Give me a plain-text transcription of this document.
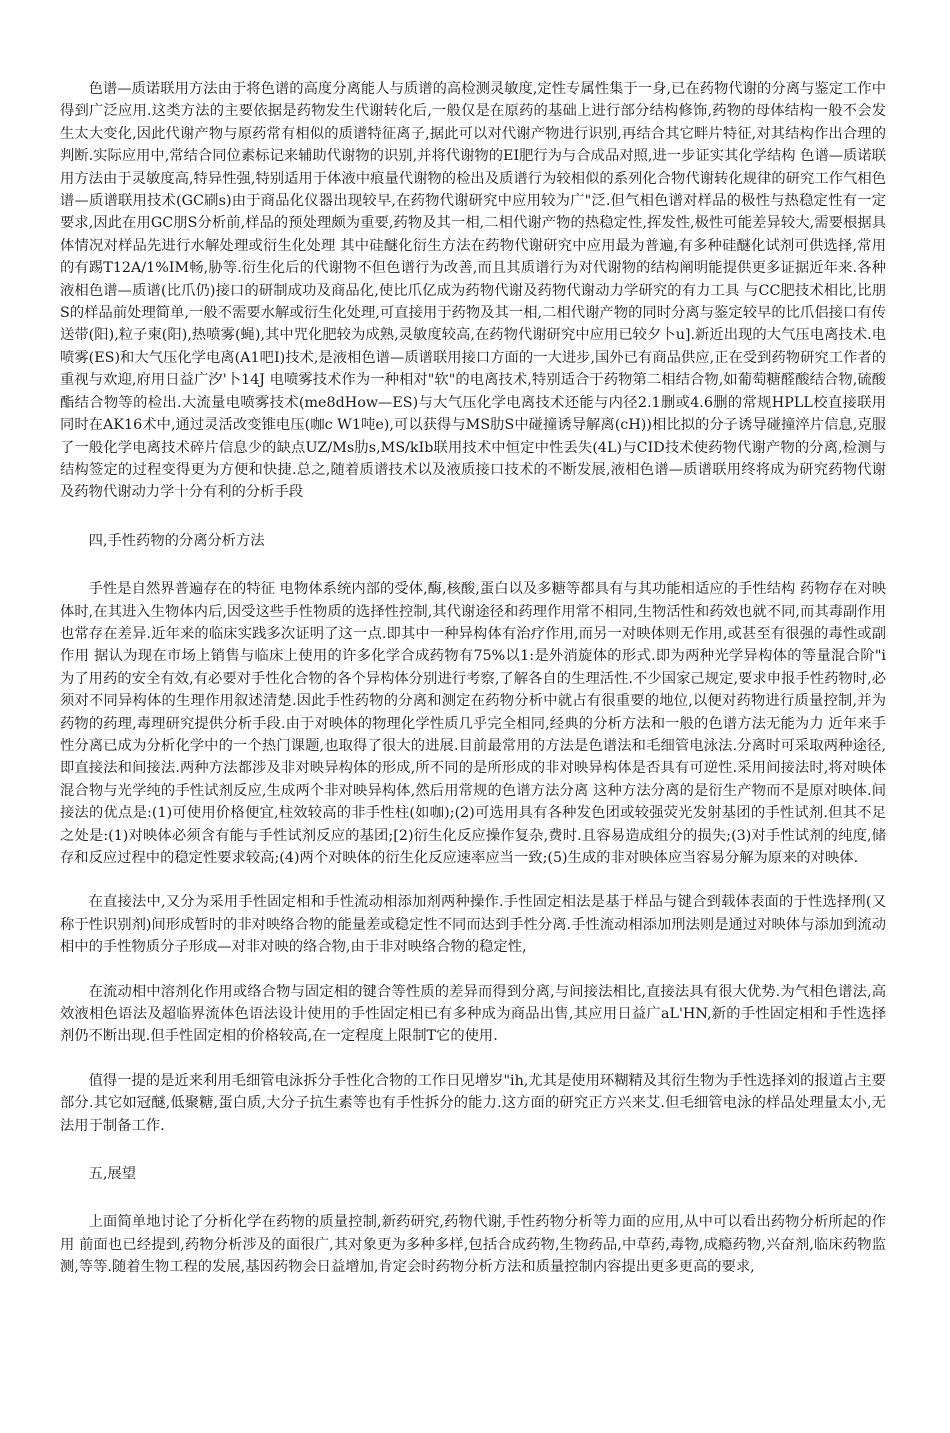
色谱—质诺联用方法由于将色谱的高度分离能人与质谱的高检测灵敏度,定性专属性集于一身,已在药物代谢的分离与鉴定工作中得到广泛应用.这类方法的主要依据是药物发生代谢转化后,一般仅是在原药的基础上进行部分结构修饰,药物的母体结构一般不会发生太大变化,因此代谢产物与原药常有相似的质谱特征离子,据此可以对代谢产物进行识别,再结合其它畔片特征,对其结构作出合理的判断.实际应用中,常结合同位素标记来辅助代谢物的识别,并将代谢物的EI肥行为与合成品对照,进一步证实其化学结构 色谱—质诺联用方法由于灵敏度高,特异性强,特别适用于体液中痕量代谢物的检出及质谱行为较相似的系列化合物代谢转化规律的研究工作气相色谱—质谱联用技术(GC刷s)由于商品化仪器出现较早,在药物代谢研究中应用较为广"泛.但气相色谱对样品的极性与热稳定性有一定要求,因此在用GC朋S分析前,样品的预处理颇为重要,药物及其一相,二相代谢产物的热稳定性,挥发性,极性可能差异较大,需要根据具体情况对样品先进行水解处理或衍生化处理 其中硅醚化衍生方法在药物代谢研究中应用最为普遍,有多种硅醚化试剂可供选择,常用的有踢T12A/1%IM畅,胁等.衍生化后的代谢物不但色谱行为改善,而且其质谱行为对代谢物的结构阐明能提供更多证据近年来.各种液相色谱—质谱(比爪仍)接口的研制成功及商品化,使比爪亿成为药物代谢及药物代谢动力学研究的有力工具 与CC肥技术相比,比朋S的样品前处理简单,一般不需要水解或衍生化处理,可直接用于药物及其一相,二相代谢产物的同时分离与鉴定较早的比爪侣接口有传送带(阳),粒子柬(阳),热喷雾(蝇),其中咒化肥较为成熟,灵敏度较高,在药物代谢研究中应用已较夕卜u].新近出现的大气压电离技术.电喷雾(ES)和大气压化学电离(A1吧I)技术,是液相色谱—质谱联用接口方面的一大进步,国外已有商品供应,正在受到药物研究工作者的重视与欢迎,府用日益广汐'卜14J 电喷雾技术作为一种相对"软"的电离技术,特别适合于药物第二相结合物,如葡萄糖醛酸结合物,硫酸酯结合物等的检出.大流量电喷雾技术(me8dHow—ES)与大气压化学电离技术还能与内径2.1删或4.6删的常规HPLL校直接联用 同时在AK16术中,通过灵活改变锥电压(咖c W1吨e),可以获得与MS肋S中碰撞诱导解离(cH))相比拟的分子诱导碰撞淬片信息,克服了一般化学电离技术碎片信息少的缺点UZ/Ms肋s,MS/kIb联用技术中恒定中性丢失(4L)与CID技术使药物代谢产物的分离,检测与结构签定的过程变得更为方便和快捷.总之,随着质谱技术以及液质接口技术的不断发展,液相色谱—质谱联用终将成为研究药物代谢及药物代谢动力学十分有利的分析手段

四,手性药物的分离分析方法

手性是自然界普遍存在的特征 电物体系统内部的受体,酶,核酸,蛋白以及多糖等都具有与其功能相适应的手性结构 药物存在对映体时,在其进入生物体内后,因受这些手性物质的选择性控制,其代谢途径和药理作用常不相同,生物活性和药效也就不同,而其毒副作用也常存在差异.近年来的临床实践多次证明了这一点.即其中一种异构体有治疗作用,而另一对映体则无作用,或甚至有很强的毒性或副作用 据认为现在市场上销售与临床上使用的许多化学合成药物有75%以1:是外消旋体的形式.即为两种光学异构体的等量混合阶"i 为了用药的安全有效,有必要对手性化合物的各个异构体分别进行考察,了解各自的生理活性.不少国家己规定,要求申报手性药物时,必须对不同异构体的生理作用叙述清楚.因此手性药物的分离和测定在药物分析中就占有很重要的地位,以便对药物进行质量控制,并为药物的药理,毒理研究提供分析手段.由于对映体的物理化学性质几乎完全相同,经典的分析方法和一般的色谱方法无能为力 近年来手性分离已成为分析化学中的一个热门课题,也取得了很大的进展.目前最常用的方法是色谱法和毛细管电泳法.分离时可采取两种途径,即直接法和间接法.两种方法都涉及非对映异构体的形成,所不同的是所形成的非对映异构体是否具有可逆性.采用间接法时,将对映体混合物与光学纯的手性试剂反应,生成两个非对映异构体,然后用常规的色谱方法分离 这种方法分离的是衍生产物而不是原对映体.间接法的优点是:(1)可使用价格便宜,柱效较高的非手性柱(如咖);(2)可选用具有各种发色团或较强荧光发射基团的手性试剂.但其不足之处是:(1)对映体必须含有能与手性试剂反应的基团;[2)衍生化反应操作复杂,费时.且容易造成组分的损失;(3)对手性试剂的纯度,储存和反应过程中的稳定性要求较高;(4)两个对映体的衍生化反应速率应当一致;(5)生成的非对映体应当容易分解为原来的对映体.

在直接法中,又分为采用手性固定相和手性流动相添加剂两种操作.手性固定相法是基于样品与键合到载体表面的于性选择刑(又称于性识别剂)间形成暂时的非对映络合物的能量差或稳定性不同而达到手性分离.手性流动相添加刑法则是通过对映体与添加到流动相中的手性物质分子形成—对非对映的络合物,由于非对映络合物的稳定性,

在流动相中溶剂化作用或络合物与固定相的键合等性质的差异而得到分离,与间接法相比,直接法具有很大优势.为气相色谱法,高效液相色语法及超临界流体色语法设计使用的手性固定相已有多种成为商品出售,其应用日益广aL'HN,新的手性固定相和手性选择剂仍不断出现.但手性固定相的价格较高,在一定程度上限制T它的使用.

值得一提的是近来利用毛细管电泳拆分手性化合物的工作日见增岁"ih,尤其是使用环糊精及其衍生物为手性选择刘的报道占主要部分.其它如冠醚,低聚糖,蛋白质,大分子抗生素等也有手性拆分的能力.这方面的研究正方兴来艾.但毛细管电泳的样品处理量太小,无法用于制备工作.

五,展望

上面简单地讨论了分析化学在药物的质量控制,新药研究,药物代谢,手性药物分析等力面的应用,从中可以看出药物分析所起的作用 前面也已经提到,药物分析涉及的面很广,其对象更为多种多样,包括合成药物,生物药品,中草药,毒物,成瘾药物,兴奋剂,临床药物监测,等等.随着生物工程的发展,基因药物会日益增加,肯定会时药物分析方法和质量控制内容提出更多更高的要求,
